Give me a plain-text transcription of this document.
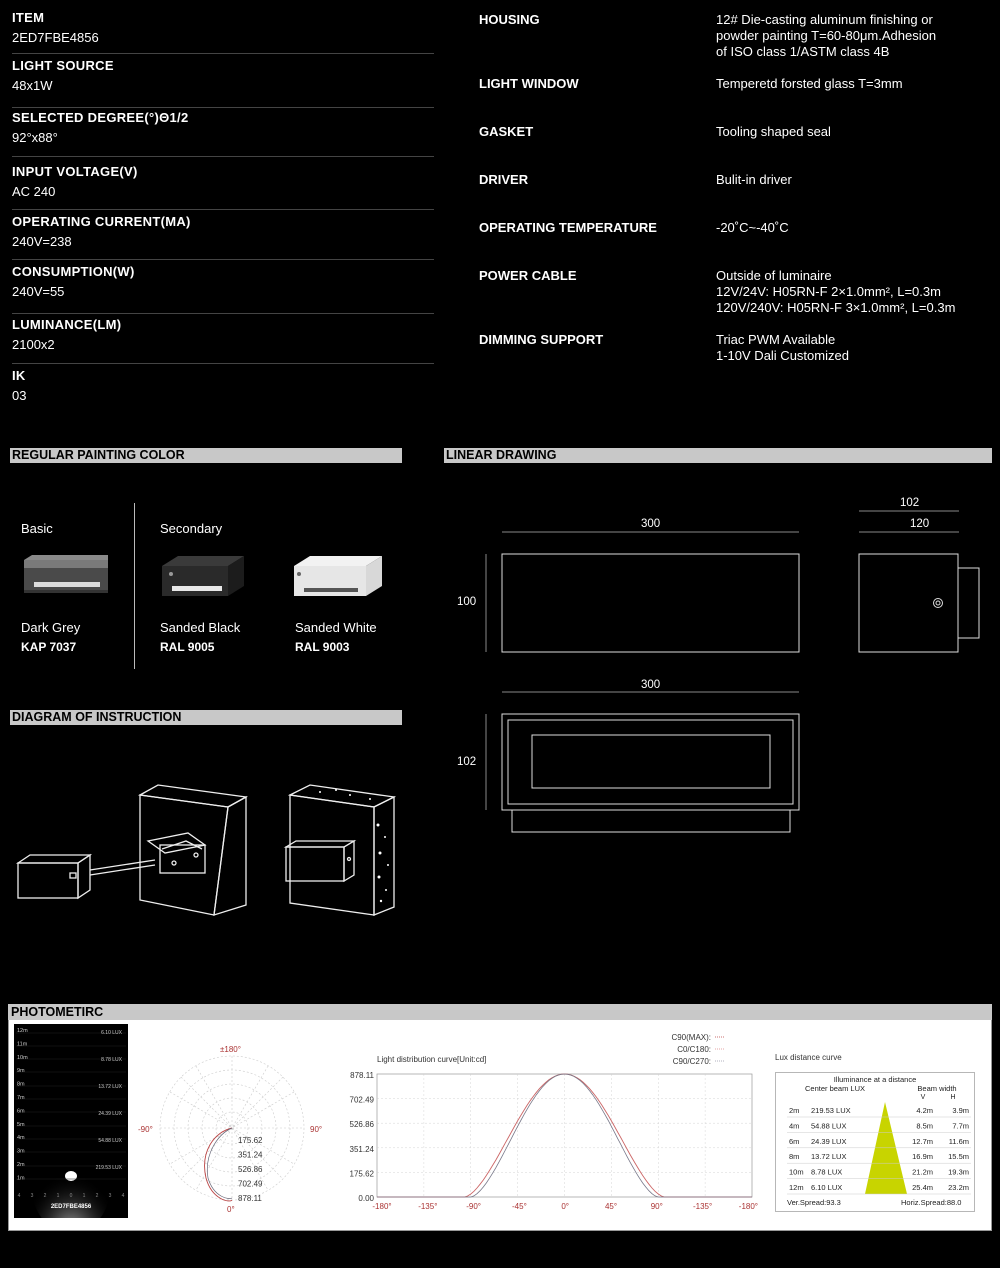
ITEM
2ED7FBE4856
LIGHT SOURCE
48x1W
SELECTED DEGREE(°)Θ1/2
92°x88°
INPUT VOLTAGE(V)
AC 240
OPERATING CURRENT(MA)
240V=238
CONSUMPTION(W)
240V=55
LUMINANCE(LM)
2100x2
IK
03
HOUSING	12# Die-casting aluminum finishing or
powder painting T=60-80μm.Adhesion
of ISO class 1/ASTM class 4B
LIGHT WINDOW	Temperetd forsted glass T=3mm
GASKET	Tooling shaped seal
DRIVER	Bulit-in driver
OPERATING TEMPERATURE	-20˚C~-40˚C
POWER CABLE	Outside of luminaire
12V/24V: H05RN-F 2×1.0mm², L=0.3m
120V/240V: H05RN-F 3×1.0mm², L=0.3m
DIMMING SUPPORT	Triac PWM Available
1-10V Dali Customized
REGULAR PAINTING COLOR	LINEAR DRAWING
DIAGRAM OF INSTRUCTION
Basic	Secondary
Dark Grey
KAP 7037
Sanded Black
RAL 9005
Sanded White
RAL 9003
300
100
102
120
300
102
PHOTOMETIRC
12m
11m
10m
9m
8m
7m
6m
5m
4m
3m
2m
1m
6.10 LUX
8.78 LUX
13.72 LUX
24.39 LUX
54.88 LUX
219.53 LUX
4 3 2 1 0 1 2 3 4
2ED7FBE4856
±180°
-90°	90°
0°
175.62
351.24
526.86
702.49
878.11
Light distribution curve[Unit:cd]
C90(MAX):
C0/C180:
C90/C270:
878.11
702.49
526.86
351.24
175.62
0.00
-180°	-135°	-90°	-45°	0°	45°	90°	-135°	-180°
Lux distance curve
Illuminance at a distance
Center beam LUX	Beam width
V	H
2m 219.53 LUX	4.2m	3.9m
4m 54.88 LUX	8.5m	7.7m
6m 24.39 LUX	12.7m 11.6m
8m 13.72 LUX	16.9m 15.5m
10m 8.78 LUX	21.2m 19.3m
12m 6.10 LUX	25.4m 23.2m
Ver.Spread:93.3	Horiz.Spread:88.0
